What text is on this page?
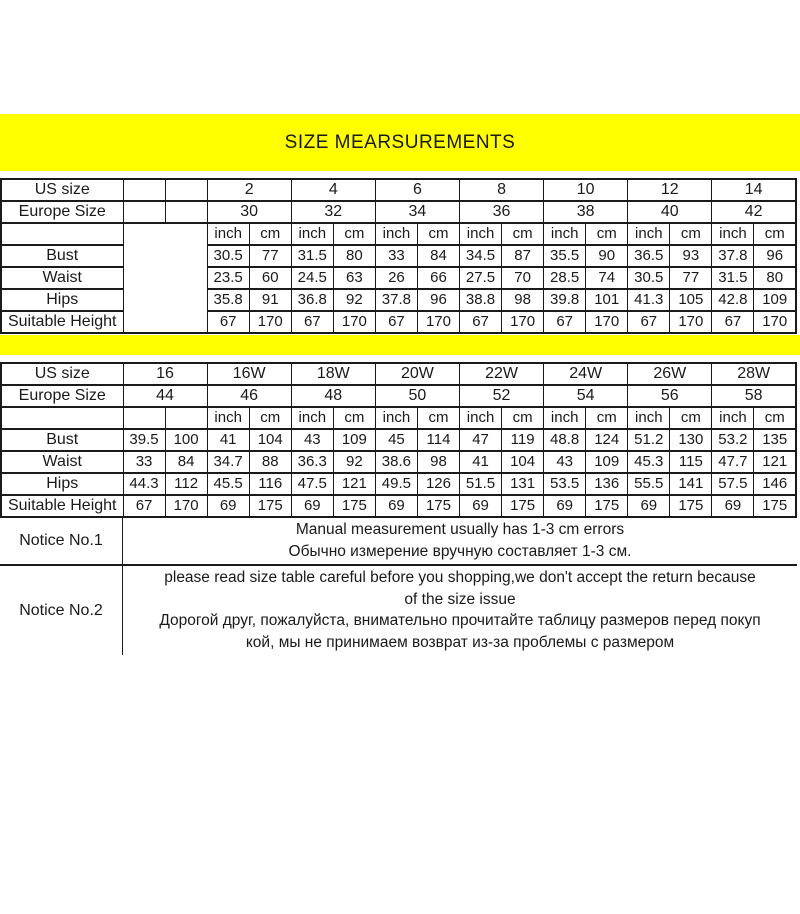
SIZE MEARSUREMENTS
US size			2		4		6		8		10		12		14	
Europe Size			30		32		34		36		38		40		42	
			inch	cm	inch	cm	inch	cm	inch	cm	inch	cm	inch	cm	inch	cm
Bust			30.5	77	31.5	80	33	84	34.5	87	35.5	90	36.5	93	37.8	96
Waist			23.5	60	24.5	63	26	66	27.5	70	28.5	74	30.5	77	31.5	80
Hips			35.8	91	36.8	92	37.8	96	38.8	98	39.8	101	41.3	105	42.8	109
Suitable Height			67	170	67	170	67	170	67	170	67	170	67	170	67	170
US size	16		16W		18W		20W		22W		24W		26W		28W	
Europe Size	44		46		48		50		52		54		56		58	
			inch	cm	inch	cm	inch	cm	inch	cm	inch	cm	inch	cm	inch	cm
Bust	39.5	100	41	104	43	109	45	114	47	119	48.8	124	51.2	130	53.2	135
Waist	33	84	34.7	88	36.3	92	38.6	98	41	104	43	109	45.3	115	47.7	121
Hips	44.3	112	45.5	116	47.5	121	49.5	126	51.5	131	53.5	136	55.5	141	57.5	146
Suitable Height	67	170	69	175	69	175	69	175	69	175	69	175	69	175	69	175
Notice No.1
Manual measurement usually has 1-3 cm errors
Обычно измерение вручную составляет 1-3 см.
Notice No.2
please read size table careful before you shopping,we don't accept the return because
of the size issue
Дорогой друг, пожалуйста, внимательно прочитайте таблицу размеров перед покуп
кой, мы не принимаем возврат из-за проблемы с размером
